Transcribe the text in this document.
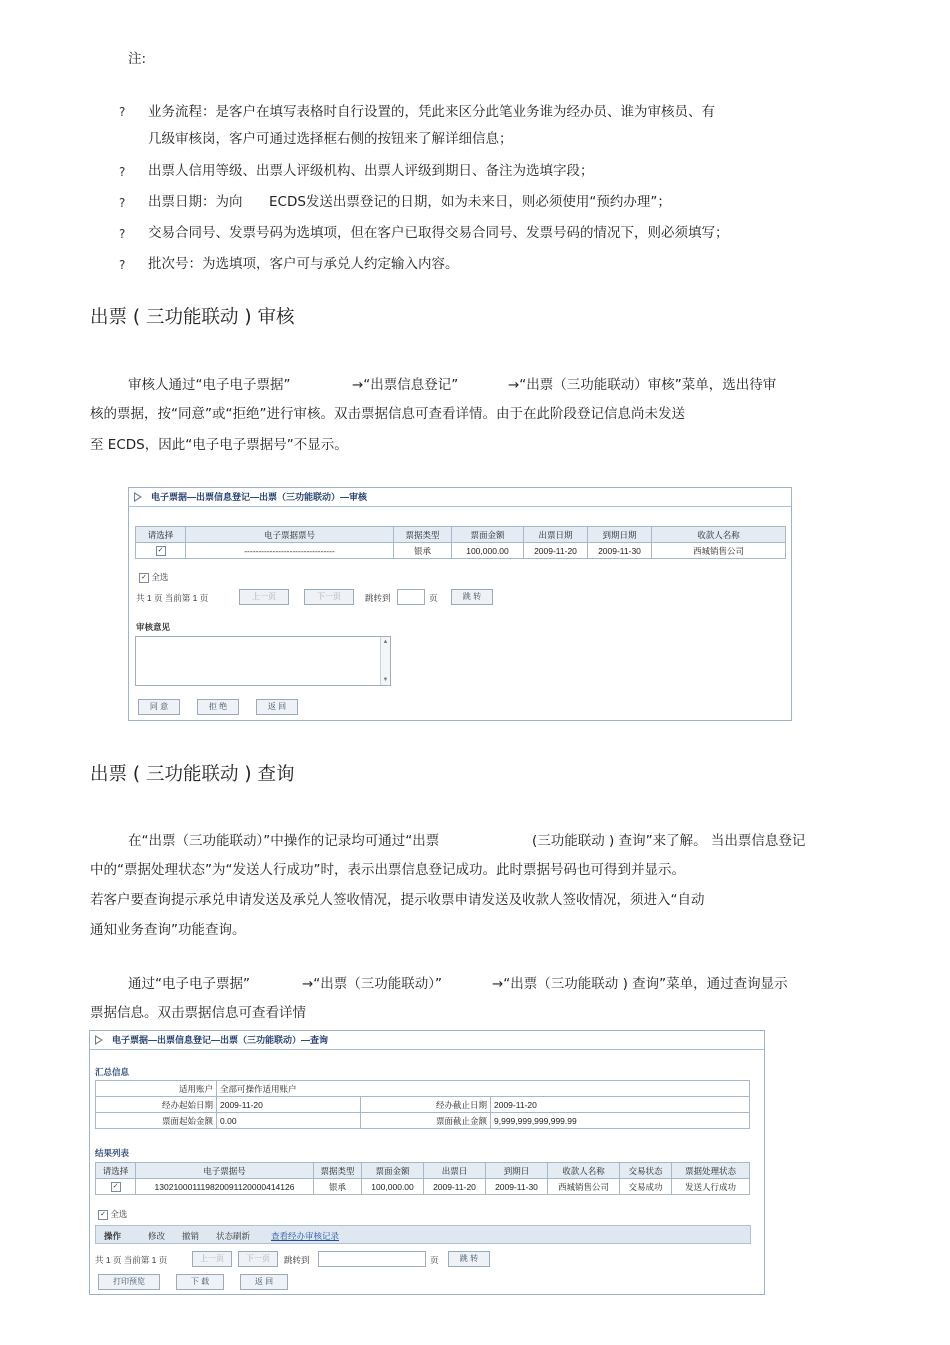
注:
? 业务流程：是客户在填写表格时自行设置的，凭此来区分此笔业务谁为经办员、谁为审核员、有
几级审核岗，客户可通过选择框右侧的按钮来了解详细信息；
? 出票人信用等级、出票人评级机构、出票人评级到期日、备注为选填字段；
? 出票日期：为向 ECDS发送出票登记的日期，如为未来日，则必须使用“预约办理”；
? 交易合同号、发票号码为选填项，但在客户已取得交易合同号、发票号码的情况下，则必须填写；
? 批次号：为选填项，客户可与承兑人约定输入内容。
出票 ( 三功能联动 ) 审核
审核人通过“电子电子票据”	→“出票信息登记”	→“出票（三功能联动）审核”菜单，选出待审
核的票据，按“同意”或“拒绝”进行审核。双击票据信息可查看详情。由于在此阶段登记信息尚未发送
至 ECDS，因此“电子电子票据号”不显示。
电子票据—出票信息登记—出票（三功能联动）—审核
请选择	电子票据票号	票据类型	票面金额	出票日期	到期日期	收款人名称
✓	--------------------------------	银承	100,000.00	2009-11-20	2009-11-30	西城销售公司
✓ 全选
共 1 页 当前第 1 页	上一页	下一页	跳转到	页	跳 转
审核意见
▲
▼
同 意	拒 绝	返 回
出票 ( 三功能联动 ) 查询
在“出票（三功能联动）”中操作的记录均可通过“出票	(三功能联动 ) 查询”来了解。 当出票信息登记
中的“票据处理状态”为“发送人行成功”时，表示出票信息登记成功。此时票据号码也可得到并显示。
若客户要查询提示承兑申请发送及承兑人签收情况，提示收票申请发送及收款人签收情况，须进入“自动
通知业务查询”功能查询。
通过“电子电子票据”	→“出票（三功能联动）”	→“出票（三功能联动 ) 查询”菜单，通过查询显示
票据信息。双击票据信息可查看详情
电子票据—出票信息登记—出票（三功能联动）—查询
汇总信息
适用账户	全部可操作适用账户		
经办起始日期	2009-11-20	经办截止日期	2009-11-20
票面起始金额	0.00	票面截止金额	9,999,999,999,999.99
结果列表
请选择	电子票据号	票据类型	票面金额	出票日	到期日	收款人名称	交易状态	票据处理状态
✓	130210001119820091120000414126	银承	100,000.00	2009-11-20	2009-11-30	西城销售公司	交易成功	发送人行成功
✓ 全选
操作	修改 撤销 状态刷新 查看经办审核记录
共 1 页 当前第 1 页	上一页	下一页	跳转到	页	跳 转
打印预览	下 载	返 回
